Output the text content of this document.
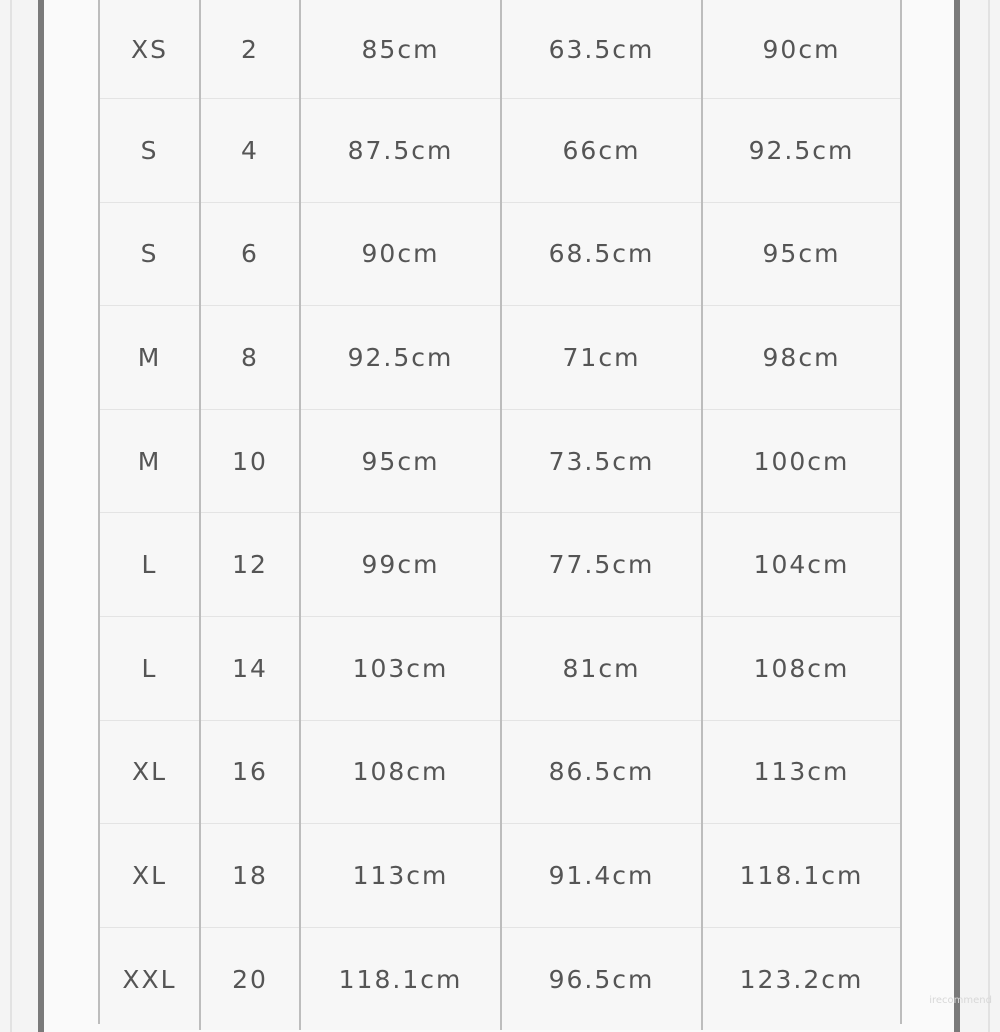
XS	2	85cm	63.5cm	90cm
S	4	87.5cm	66cm	92.5cm
S	6	90cm	68.5cm	95cm
M	8	92.5cm	71cm	98cm
M	10	95cm	73.5cm	100cm
L	12	99cm	77.5cm	104cm
L	14	103cm	81cm	108cm
XL	16	108cm	86.5cm	113cm
XL	18	113cm	91.4cm	118.1cm
XXL	20	118.1cm	96.5cm	123.2cm
irecommend
